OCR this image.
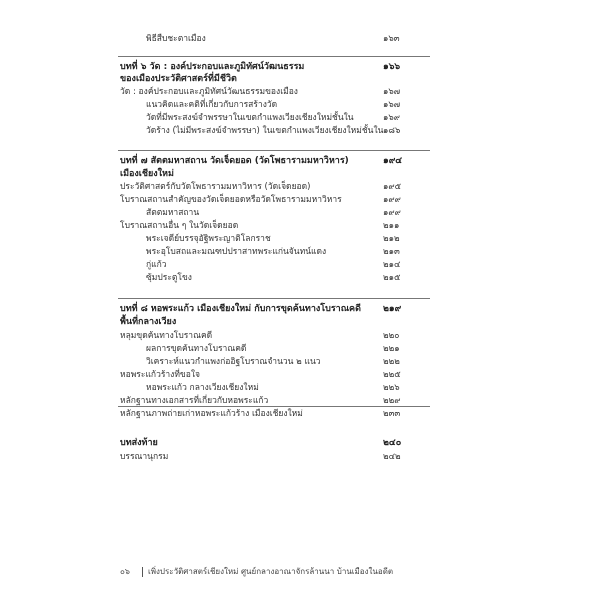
พิธีสืบชะตาเมือง	๑๖๓
บทที่ ๖ วัด : องค์ประกอบและภูมิทัศน์วัฒนธรรม	๑๖๖
ของเมืองประวัติศาสตร์ที่มีชีวิต
วัด : องค์ประกอบและภูมิทัศน์วัฒนธรรมของเมือง	๑๖๗
แนวคิดและคติที่เกี่ยวกับการสร้างวัด	๑๖๗
วัดที่มีพระสงฆ์จำพรรษาในเขตกำแพงเวียงเชียงใหม่ชั้นใน	๑๖๙
วัดร้าง (ไม่มีพระสงฆ์จำพรรษา) ในเขตกำแพงเวียงเชียงใหม่ชั้นใน ๑๘๖
บทที่ ๗ สัตตมหาสถาน วัดเจ็ดยอด (วัดโพธารามมหาวิหาร)	๑๙๔
เมืองเชียงใหม่
ประวัติศาสตร์กับวัดโพธารามมหาวิหาร (วัดเจ็ดยอด)	๑๙๕
โบราณสถานสำคัญของวัดเจ็ดยอดหรือวัดโพธารามมหาวิหาร	๑๙๙
สัตตมหาสถาน	๑๙๙
โบราณสถานอื่น ๆ ในวัดเจ็ดยอด	๒๑๑
พระเจดีย์บรรจุอัฐิพระญาติโลกราช	๒๑๒
พระอุโบสถและมณฑปปราสาทพระแก่นจันทน์แดง	๒๑๓
กู่แก้ว	๒๑๔
ซุ้มประตูโขง	๒๑๕
บทที่ ๘ หอพระแก้ว เมืองเชียงใหม่ กับการขุดค้นทางโบราณคดี ๒๑๙
พื้นที่กลางเวียง
หลุมขุดค้นทางโบราณคดี	๒๒๐
ผลการขุดค้นทางโบราณคดี	๒๒๑
วิเคราะห์แนวกำแพงก่ออิฐโบราณจำนวน ๒ แนว	๒๒๒
หอพระแก้วร้างที่ขอใจ	๒๒๕
หอพระแก้ว กลางเวียงเชียงใหม่	๒๒๖
หลักฐานทางเอกสารที่เกี่ยวกับหอพระแก้ว	๒๒๙
หลักฐานภาพถ่ายเก่าหอพระแก้วร้าง เมืองเชียงใหม่	๒๓๓
บทส่งท้าย	๒๔๐
บรรณานุกรม	๒๔๒
๐๖ เพิ่งประวัติศาสตร์เชียงใหม่ ศูนย์กลางอาณาจักรล้านนา บ้านเมืองในอดีต
